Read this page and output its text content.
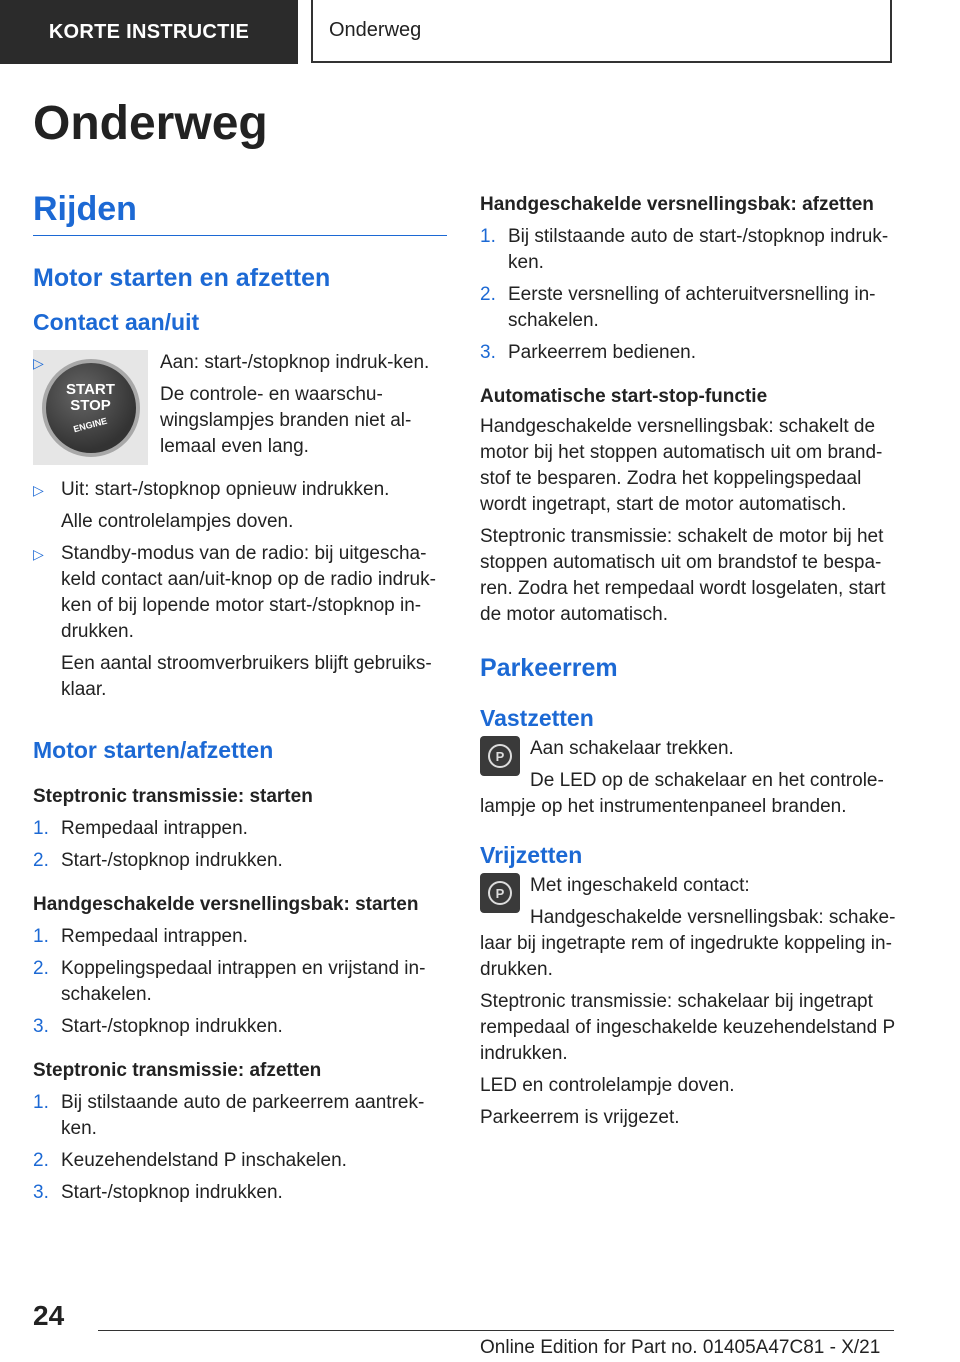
KORTE INSTRUCTIE	Onderweg
Onderweg
Rijden
Motor starten en afzetten
Contact aan/uit
START
STOP
ENGINE
▷	Aan: start-/stopknop indruk-ken.
De controle- en waarschu-wingslampjes branden niet al-lemaal even lang.
▷ Uit: start-/stopknop opnieuw indrukken.
Alle controlelampjes doven.
▷ Standby-modus van de radio: bij uitgescha-keld contact aan/uit-knop op de radio indruk-ken of bij lopende motor start-/stopknop in-drukken.
Een aantal stroomverbruikers blijft gebruiks-klaar.
Motor starten/afzetten
Steptronic transmissie: starten
1. Rempedaal intrappen.
2. Start-/stopknop indrukken.
Handgeschakelde versnellingsbak: starten
1. Rempedaal intrappen.
2. Koppelingspedaal intrappen en vrijstand in-schakelen.
3. Start-/stopknop indrukken.
Steptronic transmissie: afzetten
1. Bij stilstaande auto de parkeerrem aantrek-ken.
2. Keuzehendelstand P inschakelen.
3. Start-/stopknop indrukken.
Handgeschakelde versnellingsbak: afzetten
1. Bij stilstaande auto de start-/stopknop indruk-ken.
2. Eerste versnelling of achteruitversnelling in-schakelen.
3. Parkeerrem bedienen.
Automatische start-stop-functie

Handgeschakelde versnellingsbak: schakelt de motor bij het stoppen automatisch uit om brand-stof te besparen. Zodra het koppelingspedaal wordt ingetrapt, start de motor automatisch.

Steptronic transmissie: schakelt de motor bij het stoppen automatisch uit om brandstof te bespa-ren. Zodra het rempedaal wordt losgelaten, start de motor automatisch.

Parkeerrem
Vastzetten
P	Aan schakelaar trekken.

De LED op de schakelaar en het controle-lampje op het instrumentenpaneel branden.

Vrijzetten
P	Met ingeschakeld contact:

Handgeschakelde versnellingsbak: schake-laar bij ingetrapte rem of ingedrukte koppeling in-drukken.

Steptronic transmissie: schakelaar bij ingetrapt rempedaal of ingeschakelde keuzehendelstand P indrukken.

LED en controlelampje doven.

Parkeerrem is vrijgezet.

24
Online Edition for Part no. 01405A47C81 - X/21
